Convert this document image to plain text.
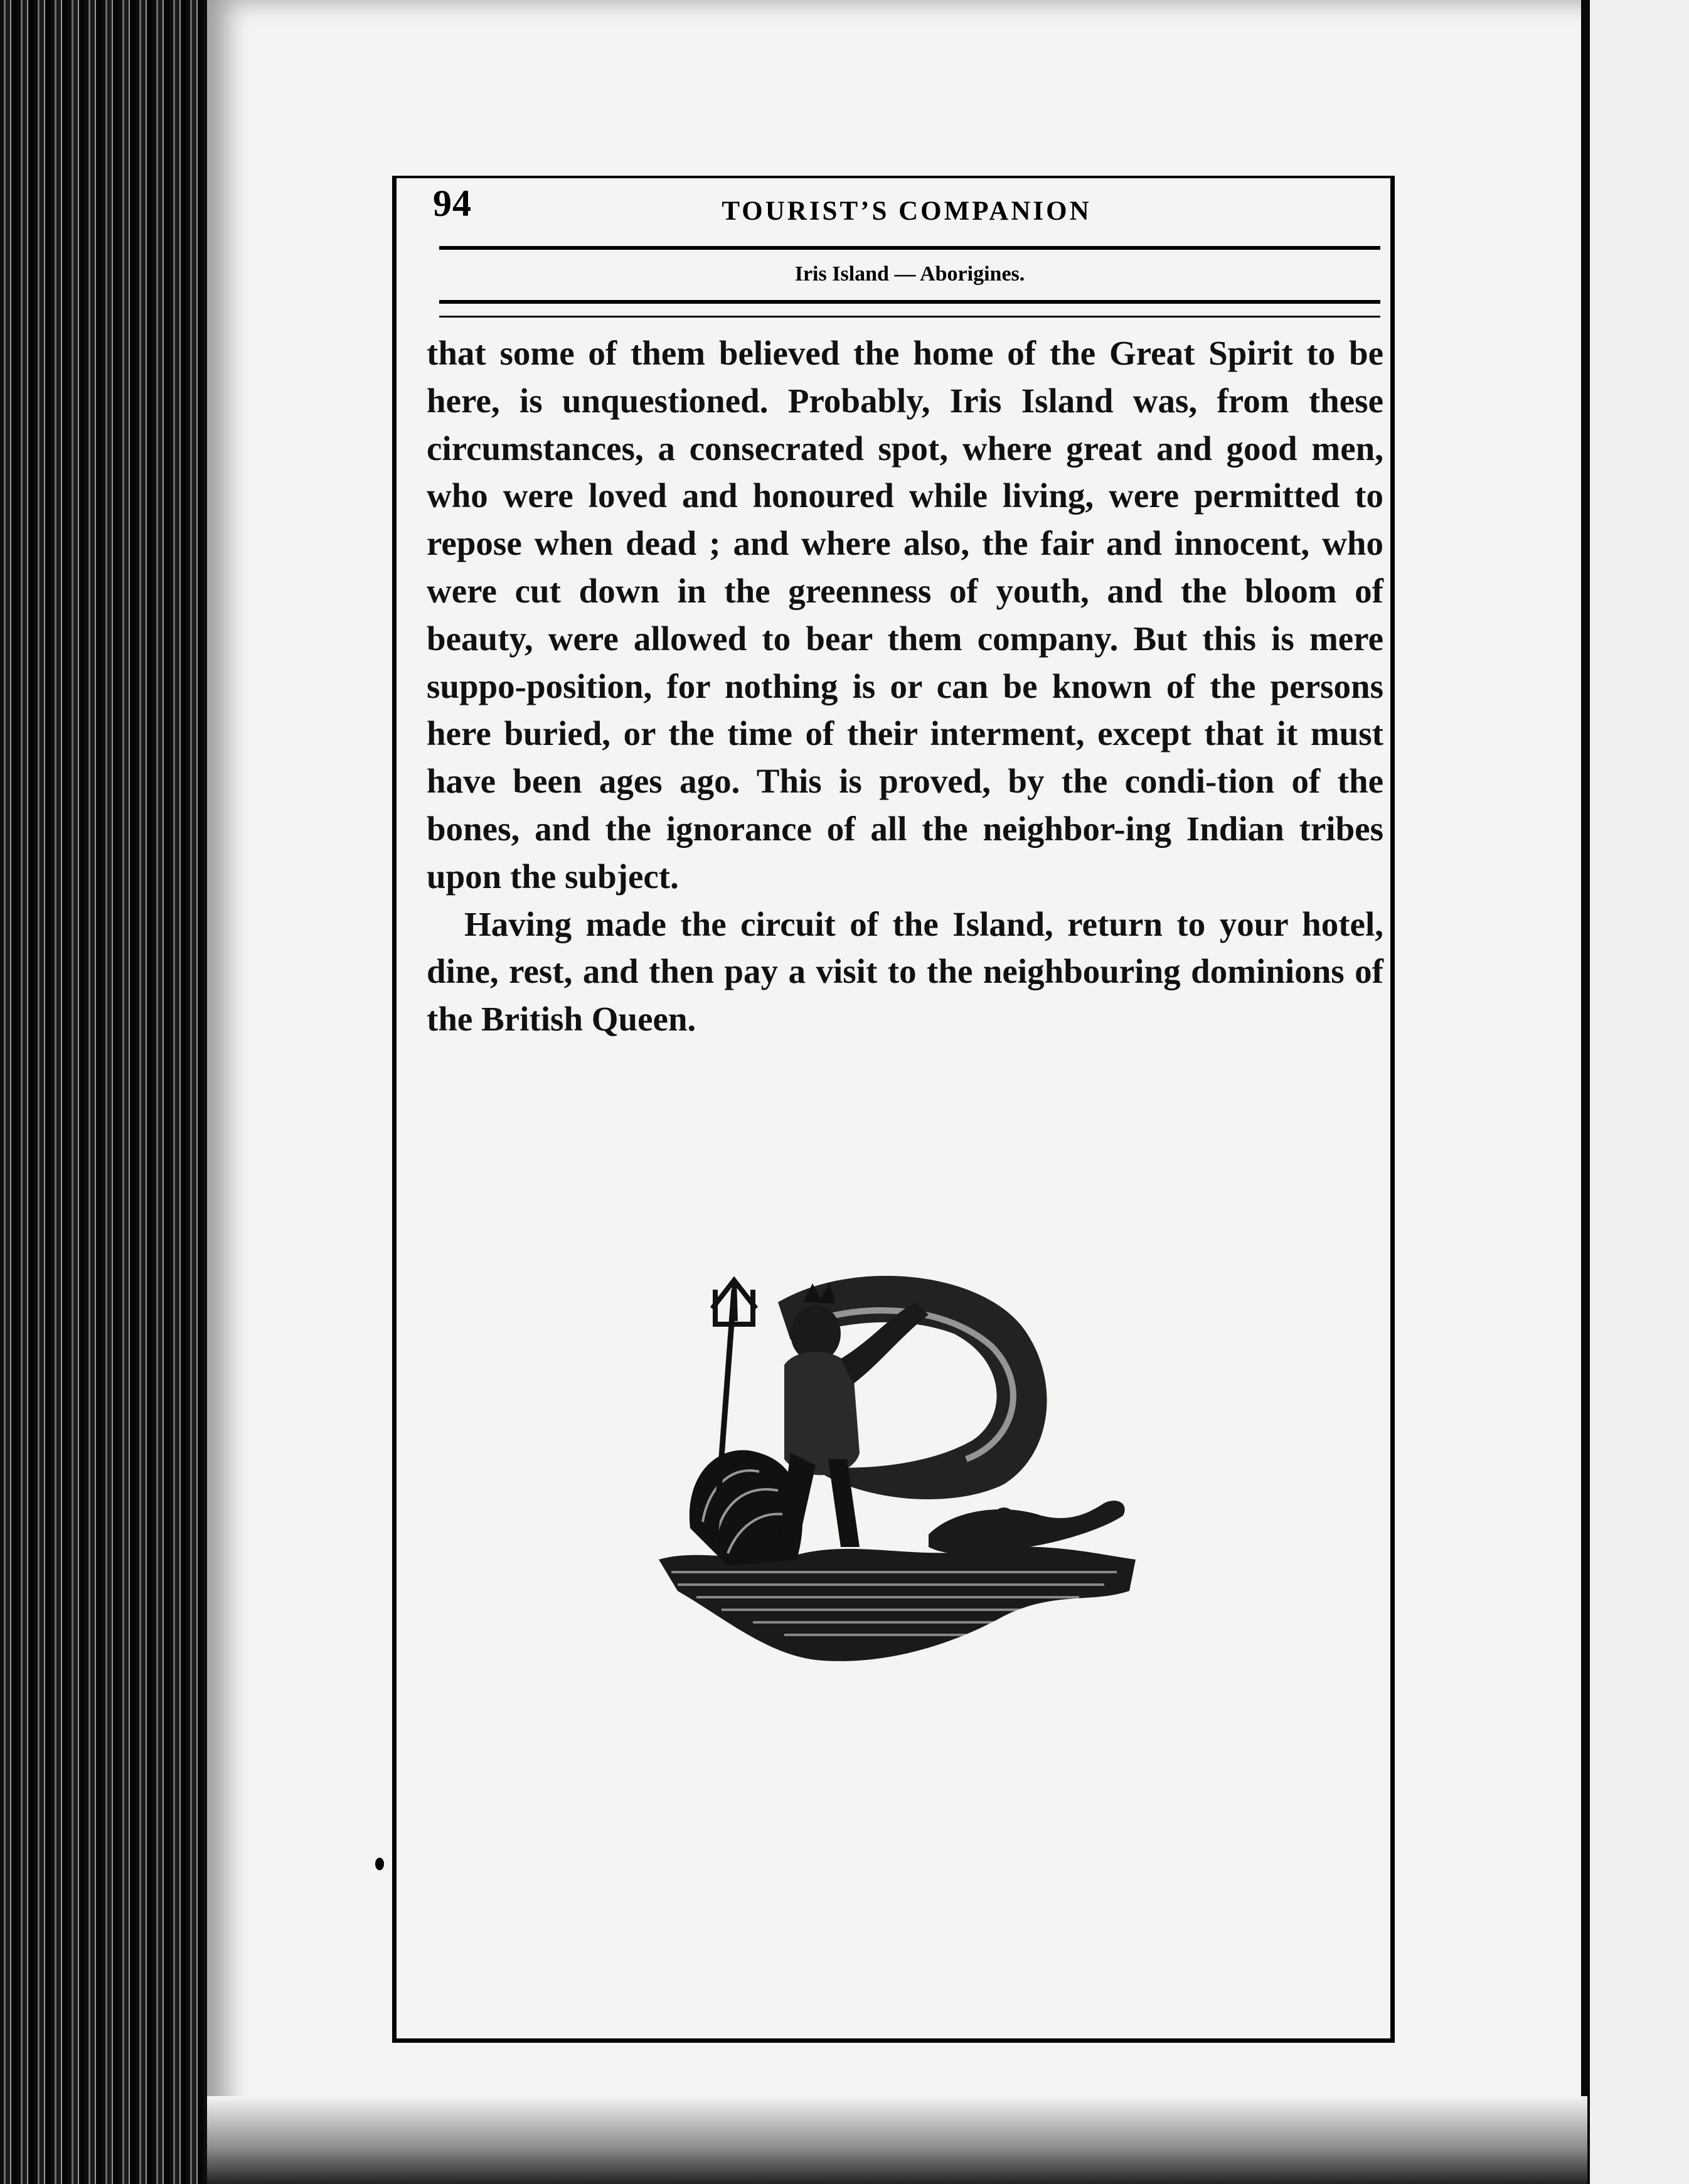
94	TOURIST’S COMPANION
Iris Island — Aborigines.

that some of them believed the home of the Great Spirit to be here, is unquestioned. Probably, Iris Island was, from these circumstances, a consecrated spot, where great and good men, who were loved and honoured while living, were permitted to repose when dead ; and where also, the fair and innocent, who were cut down in the greenness of youth, and the bloom of beauty, were allowed to bear them company. But this is mere suppo-position, for nothing is or can be known of the persons here buried, or the time of their interment, except that it must have been ages ago. This is proved, by the condi-tion of the bones, and the ignorance of all the neighbor-ing Indian tribes upon the subject.

Having made the circuit of the Island, return to your hotel, dine, rest, and then pay a visit to the neighbouring dominions of the British Queen.
